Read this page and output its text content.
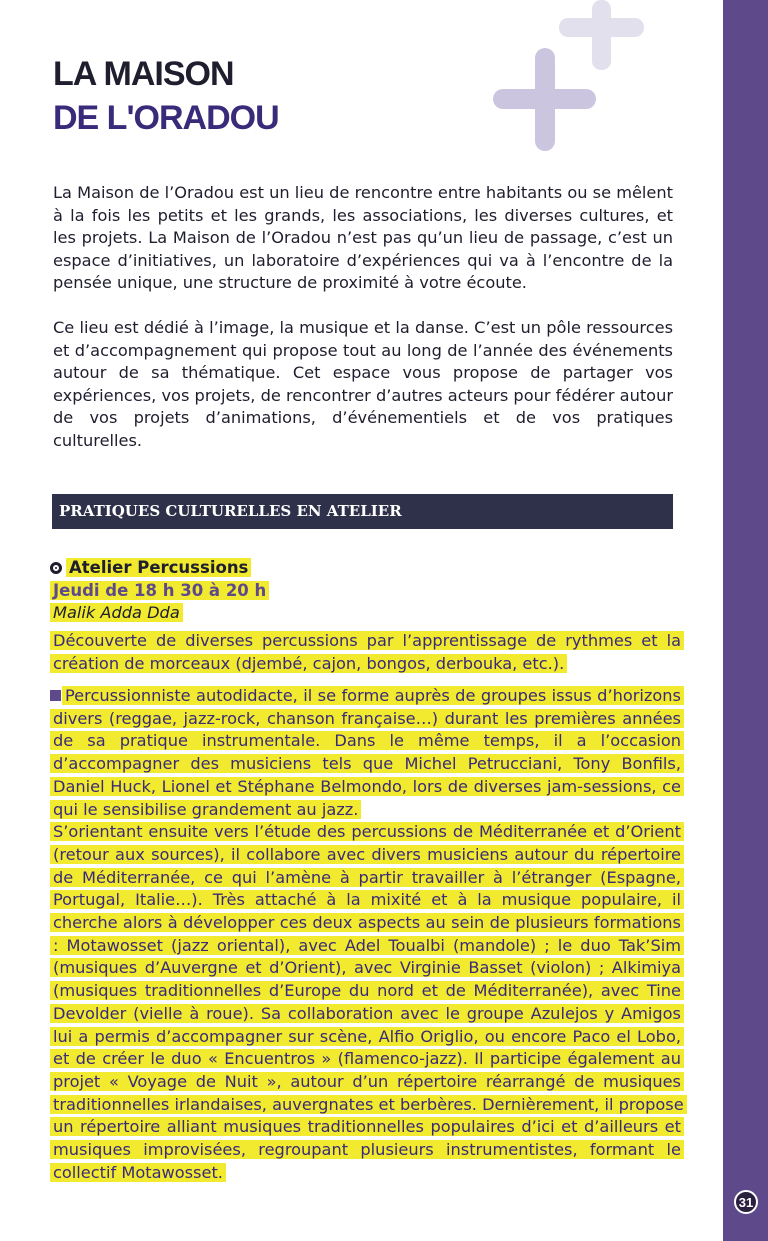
31
LA MAISON
DE L'ORADOU

La Maison de l’Oradou est un lieu de rencontre entre habitants ou se mêlent à la fois les petits et les grands, les associations, les diverses cultures, et les projets. La Maison de l’Oradou n’est pas qu’un lieu de passage, c’est un espace d’initiatives, un laboratoire d’expériences qui va à l’encontre de la pensée unique, une structure de proximité à votre écoute.

Ce lieu est dédié à l’image, la musique et la danse. C’est un pôle ressources et d’accompagnement qui propose tout au long de l’année des événements autour de sa thématique. Cet espace vous propose de partager vos expériences, vos projets, de rencontrer d’autres acteurs pour fédérer autour de vos projets d’animations, d’événementiels et de vos pratiques culturelles.

PRATIQUES CULTURELLES EN ATELIER
Atelier Percussions
Jeudi de 18 h 30 à 20 h
Malik Adda Dda
Découverte de diverses percussions par l’apprentissage de rythmes et la création de morceaux (djembé, cajon, bongos, derbouka, etc.).

Percussionniste autodidacte, il se forme auprès de groupes issus d’horizons divers (reggae, jazz-rock, chanson française…) durant les premières années de sa pratique instrumentale. Dans le même temps, il a l’occasion d’accompagner des musiciens tels que Michel Petrucciani, Tony Bonfils, Daniel Huck, Lionel et Stéphane Belmondo, lors de diverses jam-sessions, ce qui le sensibilise grandement au jazz.

S’orientant ensuite vers l’étude des percussions de Méditerranée et d’Orient (retour aux sources), il collabore avec divers musiciens autour du répertoire de Méditerranée, ce qui l’amène à partir travailler à l’étranger (Espagne, Portugal, Italie…). Très attaché à la mixité et à la musique populaire, il cherche alors à développer ces deux aspects au sein de plusieurs formations : Motawosset (jazz oriental), avec Adel Toualbi (mandole) ; le duo Tak’Sim (musiques d’Auvergne et d’Orient), avec Virginie Basset (violon) ; Alkimiya (musiques traditionnelles d’Europe du nord et de Méditerranée), avec Tine Devolder (vielle à roue). Sa collaboration avec le groupe Azulejos y Amigos lui a permis d’accompagner sur scène, Alfio Origlio, ou encore Paco el Lobo, et de créer le duo « Encuentros » (flamenco-jazz). Il participe également au projet « Voyage de Nuit », autour d’un répertoire réarrangé de musiques traditionnelles irlandaises, auvergnates et berbères. Dernièrement, il propose un répertoire alliant musiques traditionnelles populaires d’ici et d’ailleurs et musiques improvisées, regroupant plusieurs instrumentistes, formant le collectif Motawosset.
